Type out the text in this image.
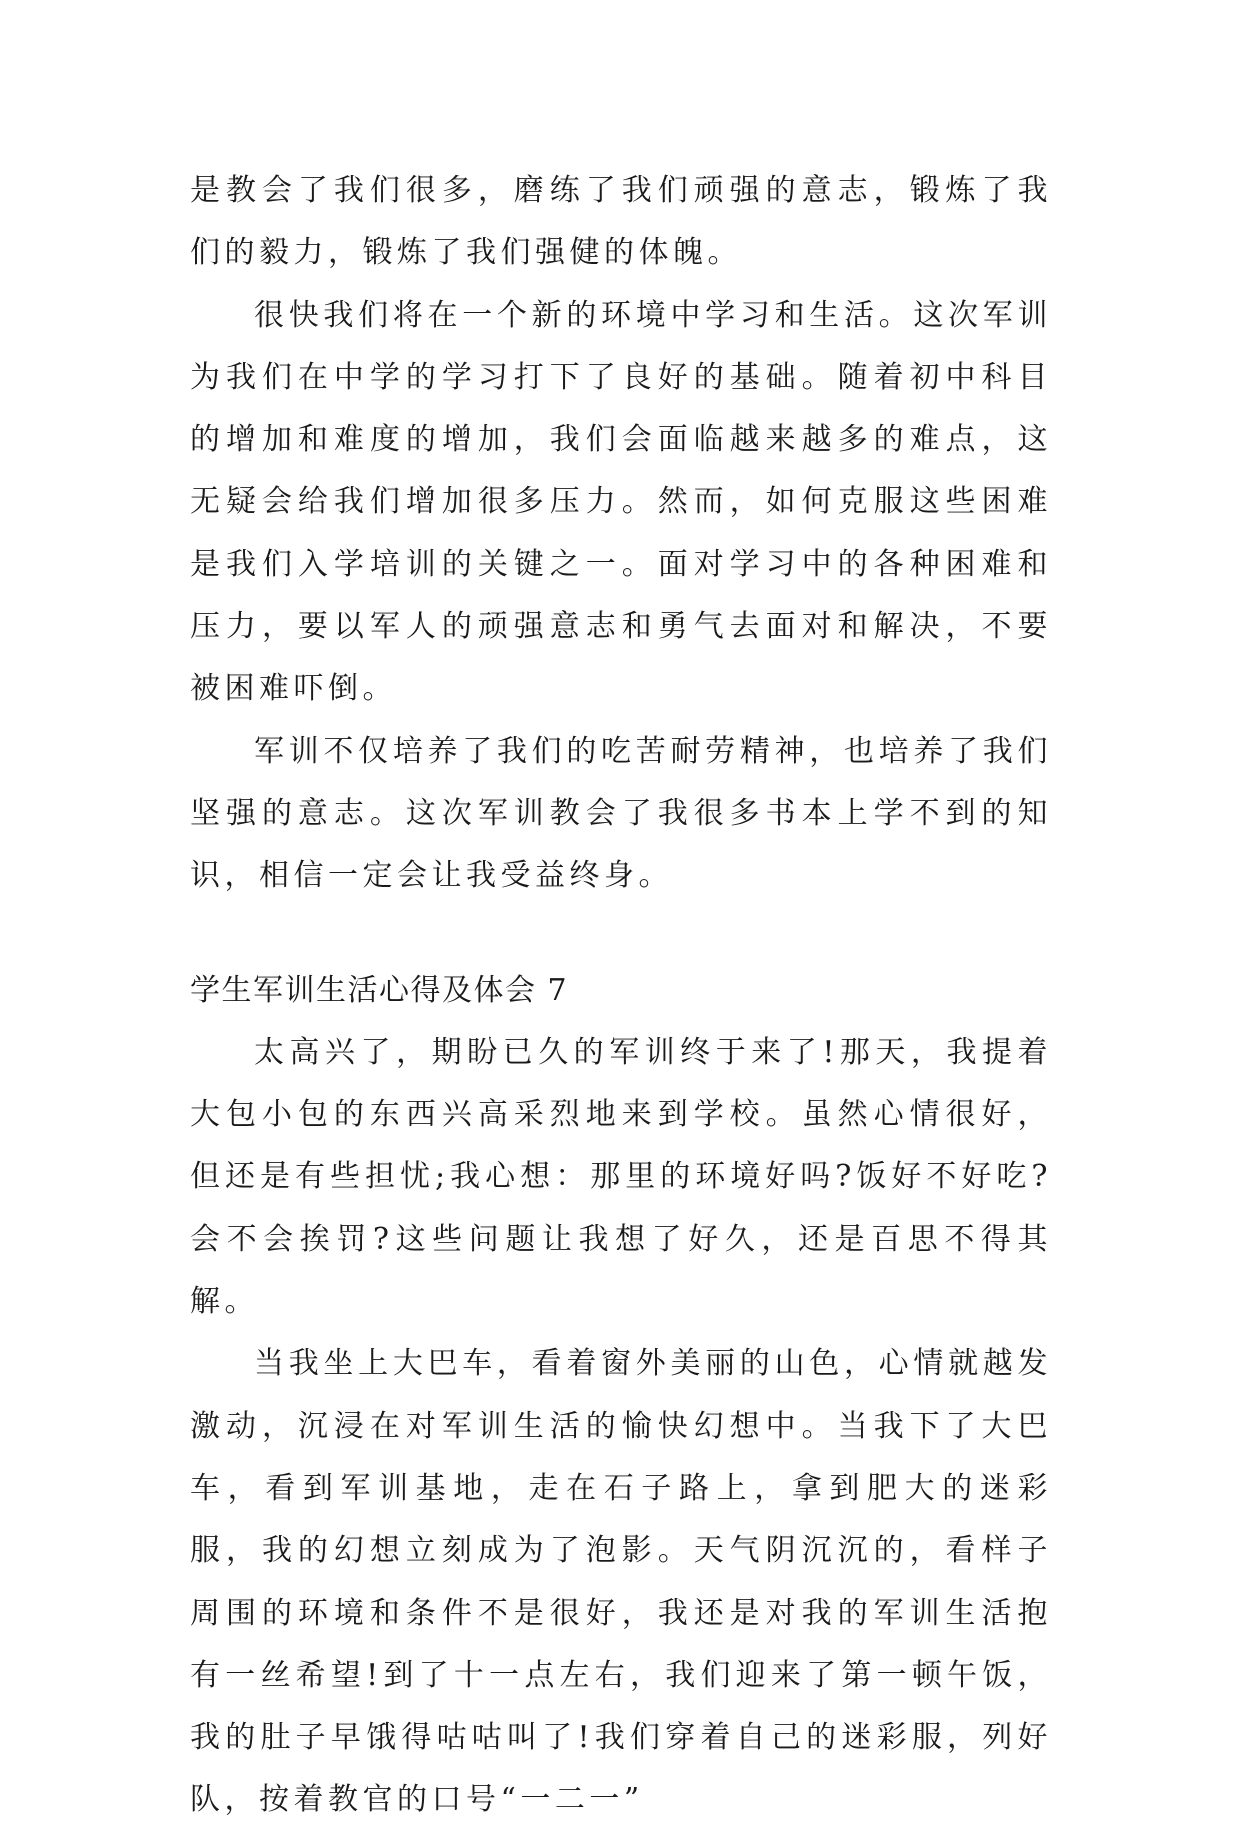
是教会了我们很多，磨练了我们顽强的意志，锻炼了我们的毅力，锻炼了我们强健的体魄。

很快我们将在一个新的环境中学习和生活。这次军训为我们在中学的学习打下了良好的基础。随着初中科目的增加和难度的增加，我们会面临越来越多的难点，这无疑会给我们增加很多压力。然而，如何克服这些困难是我们入学培训的关键之一。面对学习中的各种困难和压力，要以军人的顽强意志和勇气去面对和解决，不要被困难吓倒。

军训不仅培养了我们的吃苦耐劳精神，也培养了我们坚强的意志。这次军训教会了我很多书本上学不到的知识，相信一定会让我受益终身。

学生军训生活心得及体会 7

太高兴了，期盼已久的军训终于来了!那天，我提着大包小包的东西兴高采烈地来到学校。虽然心情很好，但还是有些担忧;我心想：那里的环境好吗?饭好不好吃?会不会挨罚?这些问题让我想了好久，还是百思不得其解。

当我坐上大巴车，看着窗外美丽的山色，心情就越发激动，沉浸在对军训生活的愉快幻想中。当我下了大巴车，看到军训基地，走在石子路上，拿到肥大的迷彩服，我的幻想立刻成为了泡影。天气阴沉沉的，看样子周围的环境和条件不是很好，我还是对我的军训生活抱有一丝希望!到了十一点左右，我们迎来了第一顿午饭，我的肚子早饿得咕咕叫了!我们穿着自己的迷彩服，列好队，按着教官的口号“一二一”
